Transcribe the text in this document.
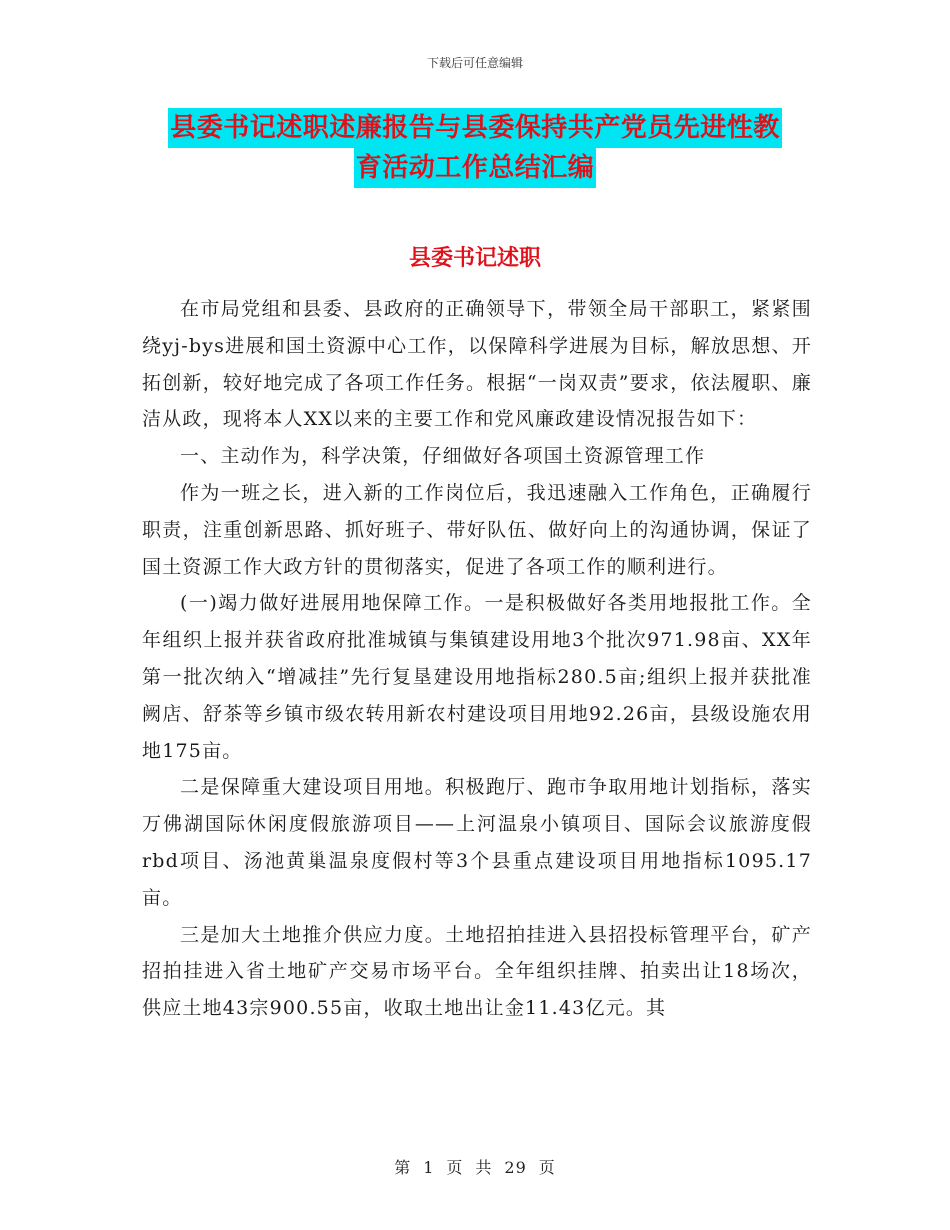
下载后可任意编辑
县委书记述职述廉报告与县委保持共产党员先进性教
育活动工作总结汇编
县委书记述职

在市局党组和县委、县政府的正确领导下，带领全局干部职工，紧紧围绕yj-bys进展和国土资源中心工作，以保障科学进展为目标，解放思想、开拓创新，较好地完成了各项工作任务。根据“一岗双责”要求，依法履职、廉洁从政，现将本人XX以来的主要工作和党风廉政建设情况报告如下：

一、主动作为，科学决策，仔细做好各项国土资源管理工作

作为一班之长，进入新的工作岗位后，我迅速融入工作角色，正确履行职责，注重创新思路、抓好班子、带好队伍、做好向上的沟通协调，保证了国土资源工作大政方针的贯彻落实，促进了各项工作的顺利进行。

(一)竭力做好进展用地保障工作。一是积极做好各类用地报批工作。全年组织上报并获省政府批准城镇与集镇建设用地3个批次971.98亩、XX年第一批次纳入“增减挂”先行复垦建设用地指标280.5亩;组织上报并获批准阙店、舒茶等乡镇市级农转用新农村建设项目用地92.26亩，县级设施农用地175亩。

二是保障重大建设项目用地。积极跑厅、跑市争取用地计划指标，落实万佛湖国际休闲度假旅游项目——上河温泉小镇项目、国际会议旅游度假rbd项目、汤池黄巢温泉度假村等3个县重点建设项目用地指标1095.17亩。

三是加大土地推介供应力度。土地招拍挂进入县招投标管理平台，矿产招拍挂进入省土地矿产交易市场平台。全年组织挂牌、拍卖出让18场次，供应土地43宗900.55亩，收取土地出让金11.43亿元。其

第 1 页 共 29 页
